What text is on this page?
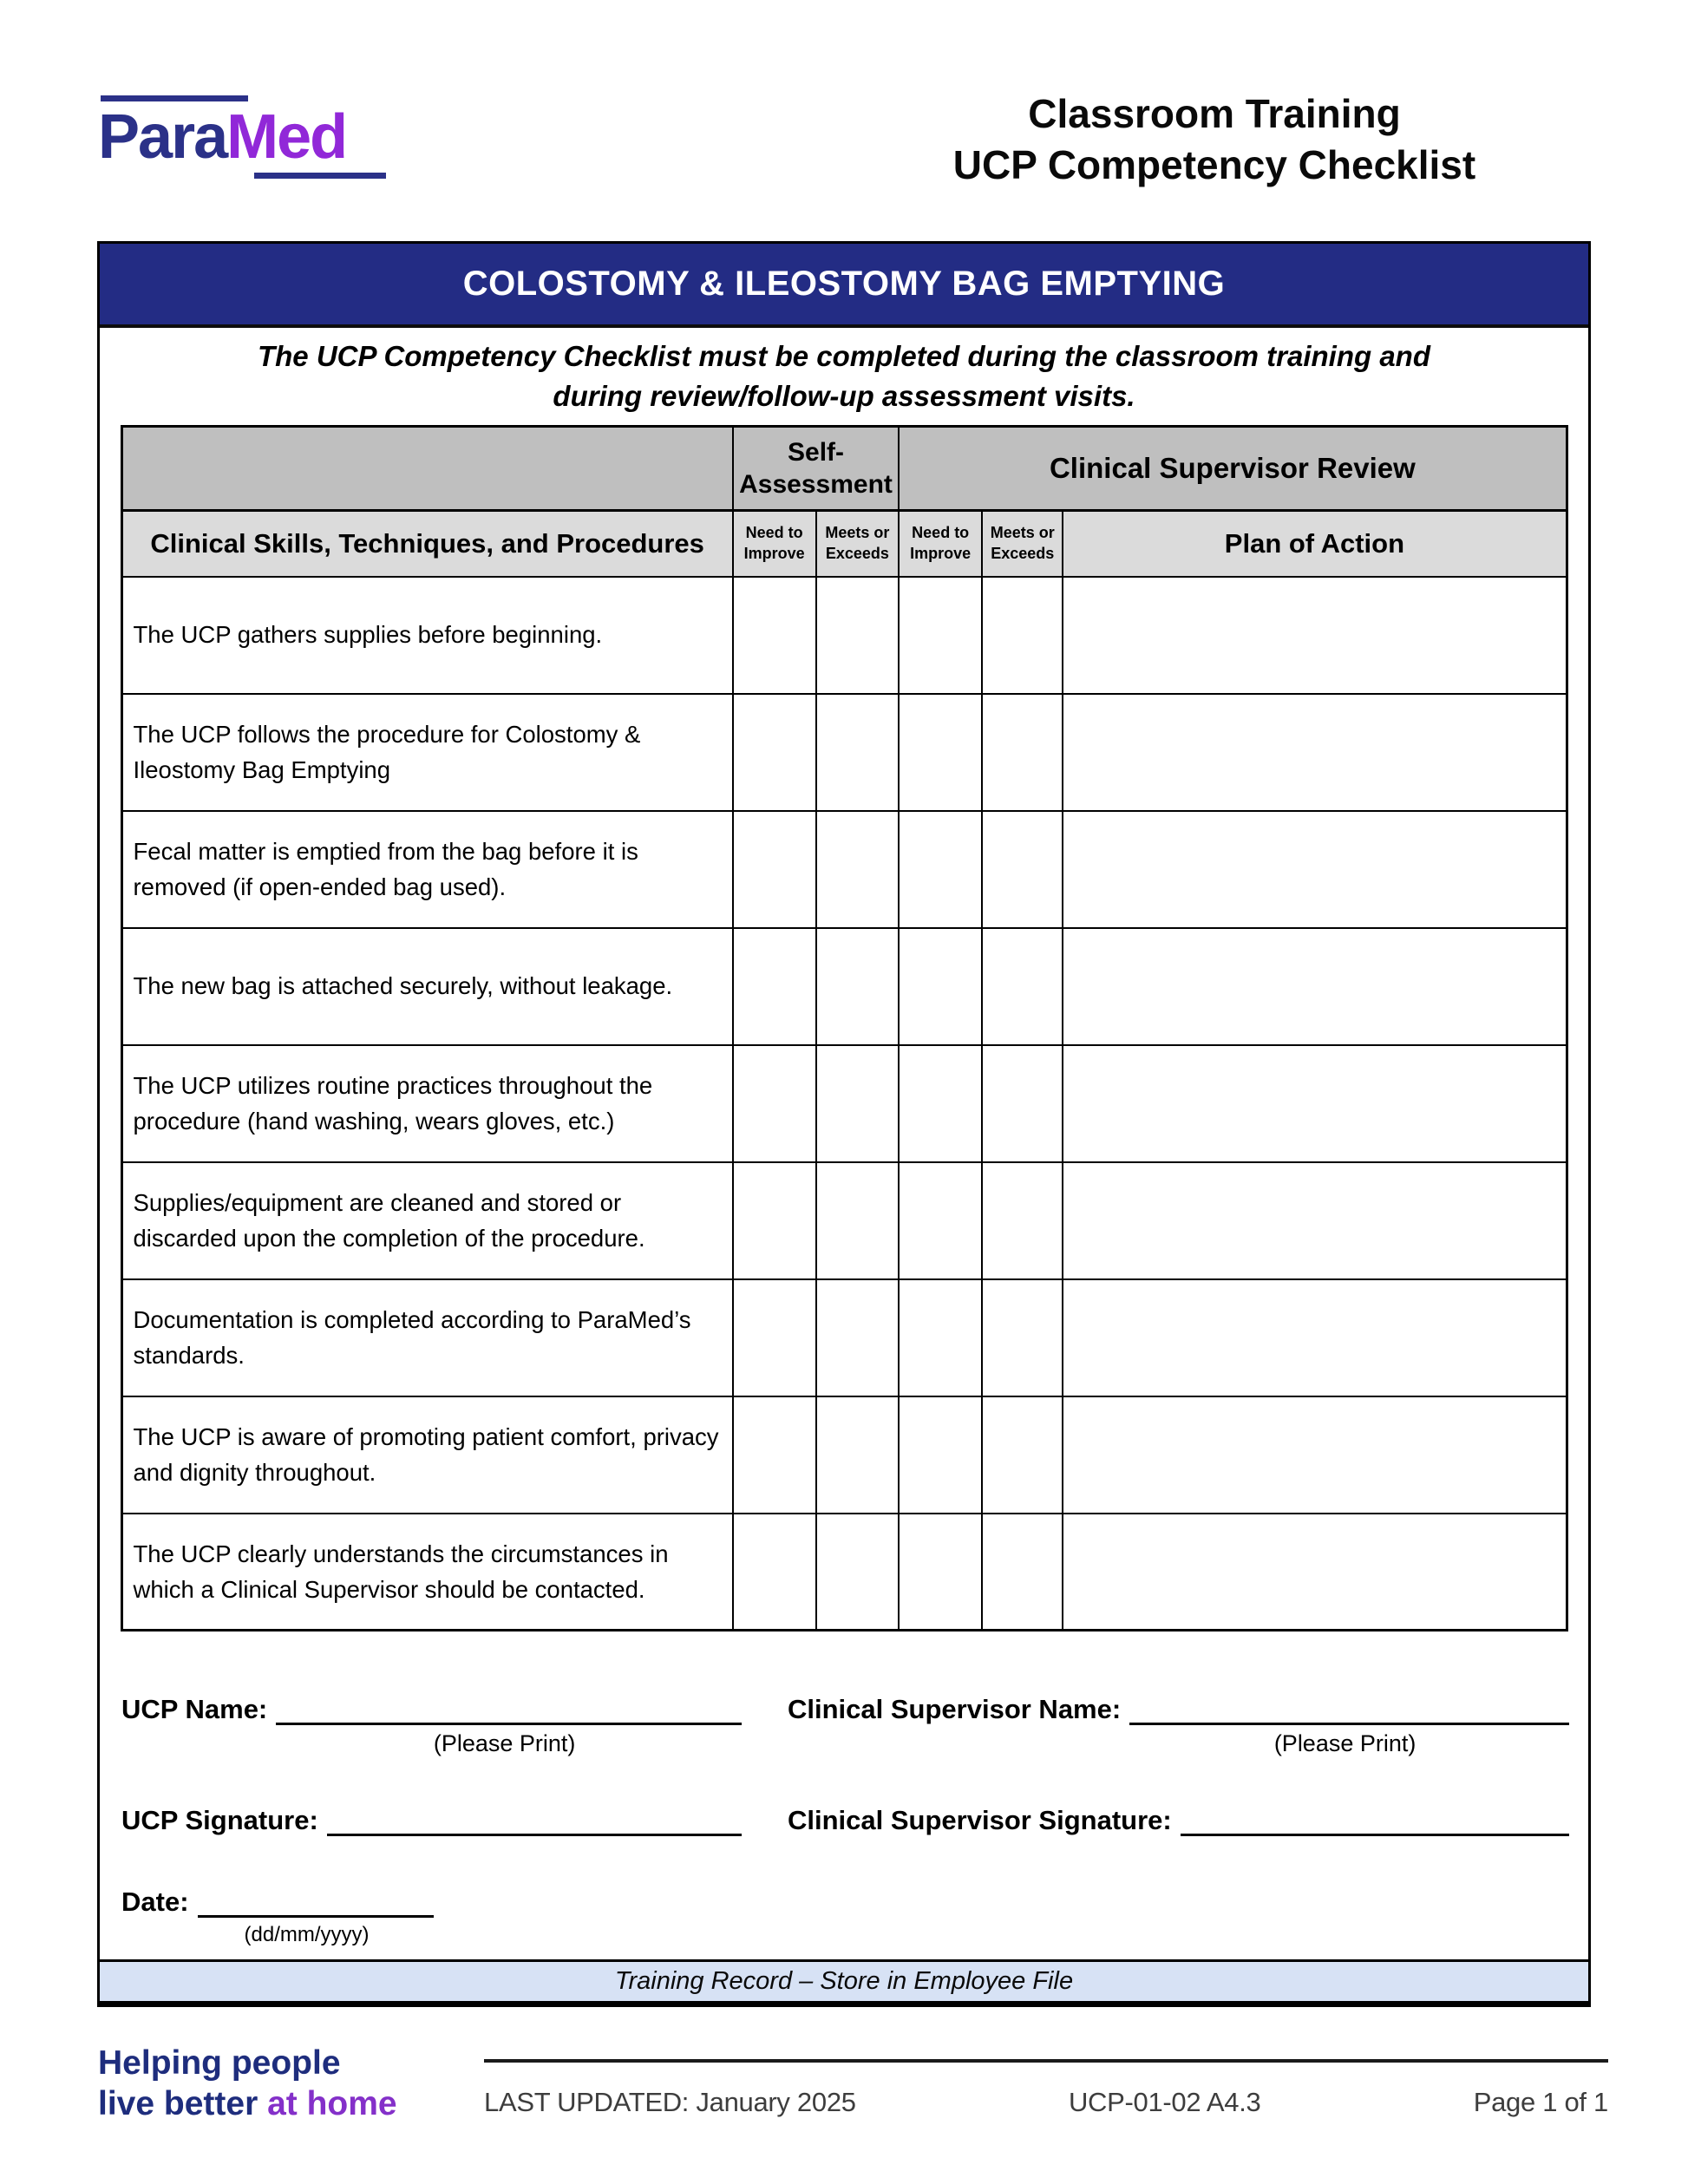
ParaMed	Classroom Training
UCP Competency Checklist
COLOSTOMY & ILEOSTOMY BAG EMPTYING
The UCP Competency Checklist must be completed during the classroom training and
during review/follow-up assessment visits.
	Self-Assessment		Clinical Supervisor Review		
Clinical Skills, Techniques, and Procedures	Need to Improve	Meets or Exceeds	Need to Improve	Meets or Exceeds	Plan of Action
The UCP gathers supplies before beginning.					
The UCP follows the procedure for Colostomy & Ileostomy Bag Emptying					
Fecal matter is emptied from the bag before it is removed (if open-ended bag used).					
The new bag is attached securely, without leakage.					
The UCP utilizes routine practices throughout the procedure (hand washing, wears gloves, etc.)					
Supplies/equipment are cleaned and stored or discarded upon the completion of the procedure.					
Documentation is completed according to ParaMed’s standards.					
The UCP is aware of promoting patient comfort, privacy and dignity throughout.					
The UCP clearly understands the circumstances in which a Clinical Supervisor should be contacted.					
UCP Name:
(Please Print)
UCP Signature:
Date:
(dd/mm/yyyy)
Clinical Supervisor Name:
(Please Print)
Clinical Supervisor Signature:
Training Record – Store in Employee File
Helping people
live better at home	LAST UPDATED: January 2025	UCP-01-02 A4.3	Page 1 of 1
